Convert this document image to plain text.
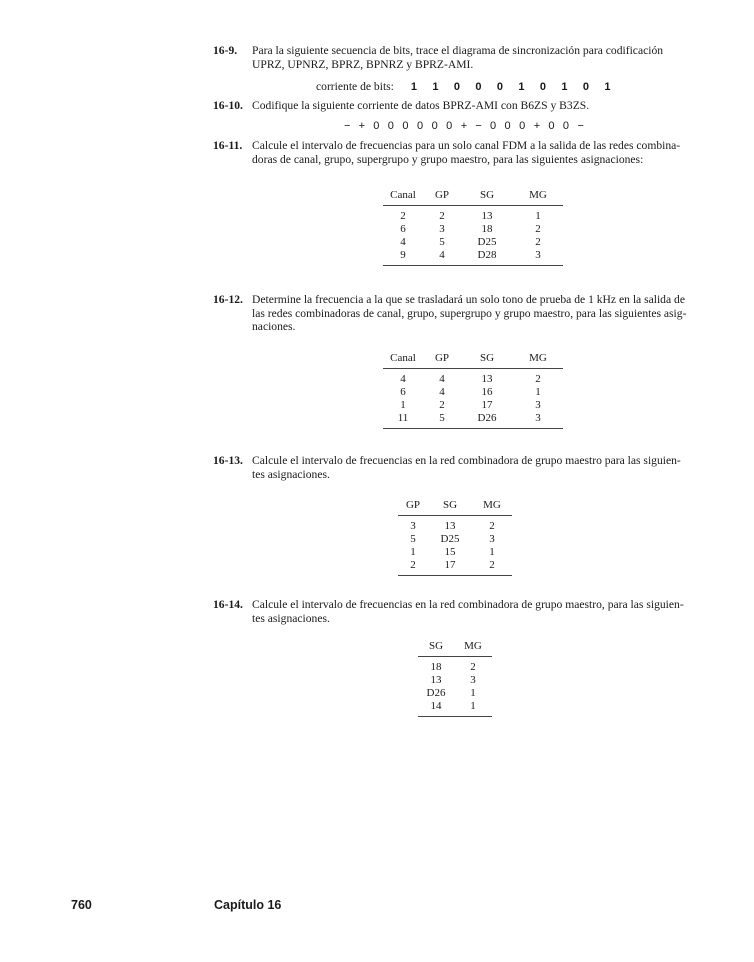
16-9. Para la siguiente secuencia de bits, trace el diagrama de sincronización para codificación
UPRZ, UPNRZ, BPRZ, BPNRZ y BPRZ-AMI.
corriente de bits: 1 1 0 0 0 1 0 1 0 1
16-10. Codifique la siguiente corriente de datos BPRZ-AMI con B6ZS y B3ZS.
− + 0 0 0 0 0 0 + − 0 0 0 + 0 0 −
16-11. Calcule el intervalo de frecuencias para un solo canal FDM a la salida de las redes combina-
doras de canal, grupo, supergrupo y grupo maestro, para las siguientes asignaciones:
Canal	GP	SG	MG
2	2	13	1
6	3	18	2
4	5	D25	2
9	4	D28	3
16-12. Determine la frecuencia a la que se trasladará un solo tono de prueba de 1 kHz en la salida de
las redes combinadoras de canal, grupo, supergrupo y grupo maestro, para las siguientes asig-
naciones.
Canal	GP	SG	MG
4	4	13	2
6	4	16	1
1	2	17	3
11	5	D26	3
16-13. Calcule el intervalo de frecuencias en la red combinadora de grupo maestro para las siguien-
tes asignaciones.
GP	SG	MG
3	13	2
5	D25	3
1	15	1
2	17	2
16-14. Calcule el intervalo de frecuencias en la red combinadora de grupo maestro, para las siguien-
tes asignaciones.
SG	MG
18	2
13	3
D26	1
14	1
760	Capítulo 16
